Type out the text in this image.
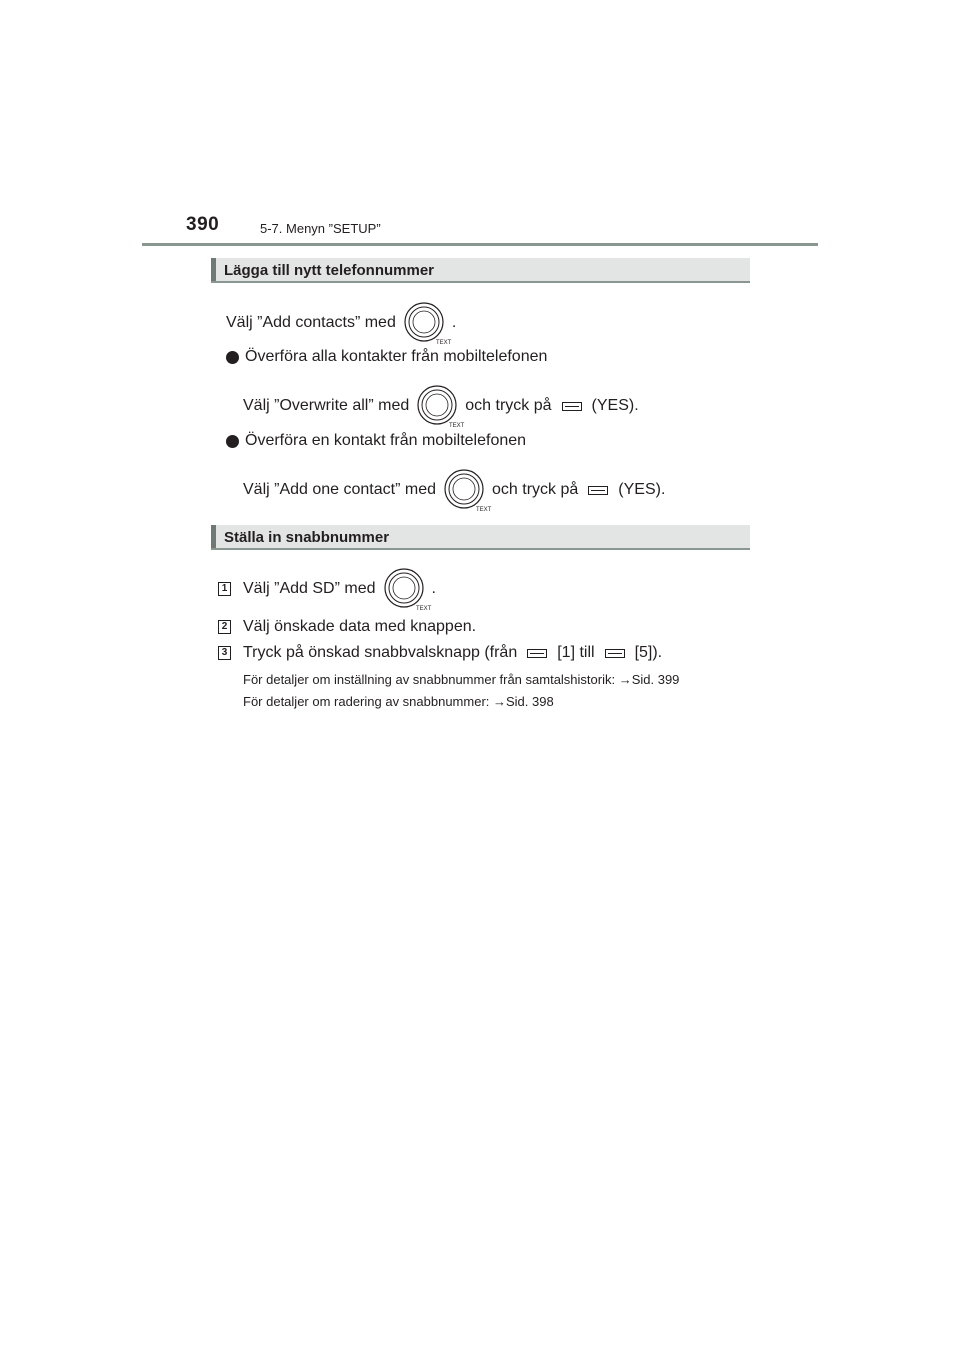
390	5-7. Menyn ”SETUP”
Lägga till nytt telefonnummer
Välj ”Add contacts” med
TEXT
.
Överföra alla kontakter från mobiltelefonen
Välj ”Overwrite all” med
TEXT
och tryck på	(YES).
Överföra en kontakt från mobiltelefonen
Välj ”Add one contact” med
TEXT
och tryck på	(YES).
Ställa in snabbnummer
1 Välj ”Add SD” med
TEXT
.
2 Välj önskade data med knappen.
3 Tryck på önskad snabbvalsknapp (från	[1] till	[5]).
För detaljer om inställning av snabbnummer från samtalshistorik: →Sid. 399
För detaljer om radering av snabbnummer: →Sid. 398
